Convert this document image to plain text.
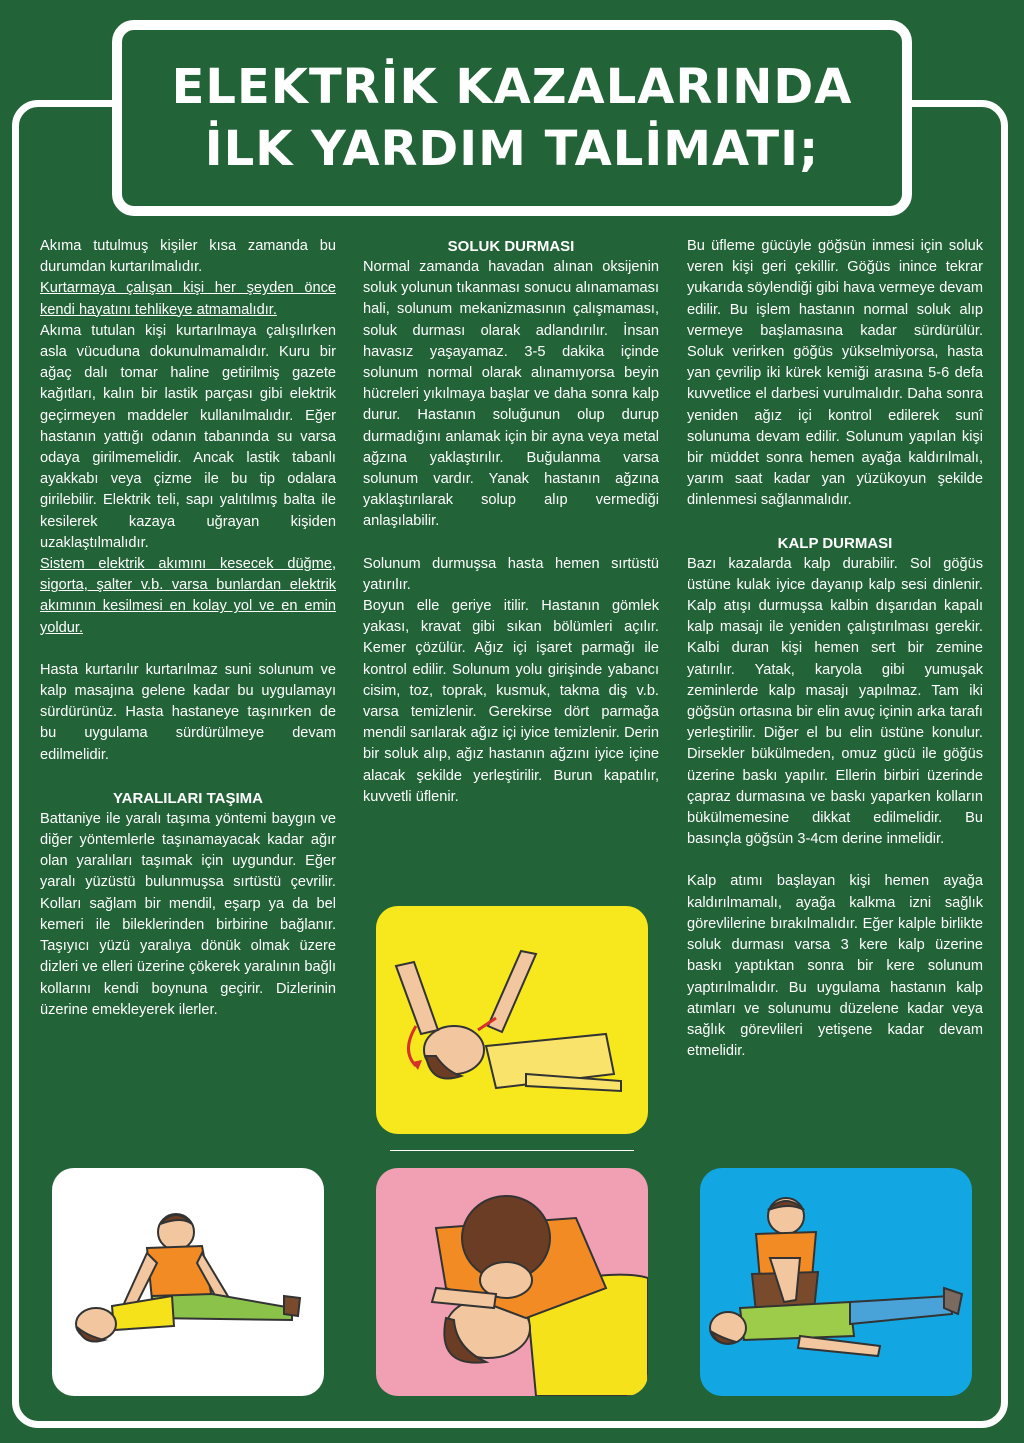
ELEKTRİK KAZALARINDA
İLK YARDIM TALİMATI;

Akıma tutulmuş kişiler kısa zamanda bu durumdan kurtarılmalıdır.

Kurtarmaya çalışan kişi her şeyden önce kendi hayatını tehlikeye atmamalıdır.

Akıma tutulan kişi kurtarılmaya çalışılırken asla vücuduna dokunulmamalıdır. Kuru bir ağaç dalı tomar haline getirilmiş gazete kağıtları, kalın bir lastik parçası gibi elektrik geçirmeyen maddeler kullanılmalıdır. Eğer hastanın yattığı odanın tabanında su varsa odaya girilmemelidir. Ancak lastik tabanlı ayakkabı veya çizme ile bu tip odalara girilebilir. Elektrik teli, sapı yalıtılmış balta ile kesilerek kazaya uğrayan kişiden uzaklaştılmalıdır.

Sistem elektrik akımını kesecek düğme, sigorta, şalter v.b. varsa bunlardan elektrik akımının kesilmesi en kolay yol ve en emin yoldur.

Hasta kurtarılır kurtarılmaz suni solunum ve kalp masajına gelene kadar bu uygulamayı sürdürünüz. Hasta hastaneye taşınırken de bu uygulama sürdürülmeye devam edilmelidir.

YARALILARI TAŞIMA

Battaniye ile yaralı taşıma yöntemi baygın ve diğer yöntemlerle taşınamayacak kadar ağır olan yaralıları taşımak için uygundur. Eğer yaralı yüzüstü bulunmuşsa sırtüstü çevrilir. Kolları sağlam bir mendil, eşarp ya da bel kemeri ile bileklerinden birbirine bağlanır. Taşıyıcı yüzü yaralıya dönük olmak üzere dizleri ve elleri üzerine çökerek yaralının bağlı kollarını kendi boynuna geçirir. Dizlerinin üzerine emekleyerek ilerler.

SOLUK DURMASI

Normal zamanda havadan alınan oksijenin soluk yolunun tıkanması sonucu alınamaması hali, solunum mekanizmasının çalışmaması, soluk durması olarak adlandırılır. İnsan havasız yaşayamaz. 3-5 dakika içinde solunum normal olarak alınamıyorsa beyin hücreleri yıkılmaya başlar ve daha sonra kalp durur. Hastanın soluğunun olup durup durmadığını anlamak için bir ayna veya metal ağzına yaklaştırılır. Buğulanma varsa solunum vardır. Yanak hastanın ağzına yaklaştırılarak solup alıp vermediği anlaşılabilir.

Solunum durmuşsa hasta hemen sırtüstü yatırılır.

Boyun elle geriye itilir. Hastanın gömlek yakası, kravat gibi sıkan bölümleri açılır. Kemer çözülür. Ağız içi işaret parmağı ile kontrol edilir. Solunum yolu girişinde yabancı cisim, toz, toprak, kusmuk, takma diş v.b. varsa temizlenir. Gerekirse dört parmağa mendil sarılarak ağız içi iyice temizlenir. Derin bir soluk alıp, ağız hastanın ağzını iyice içine alacak şekilde yerleştirilir. Burun kapatılır, kuvvetli üflenir.

Bu üfleme gücüyle göğsün inmesi için soluk veren kişi geri çekillir. Göğüs inince tekrar yukarıda söylendiği gibi hava vermeye devam edilir. Bu işlem hastanın normal soluk alıp vermeye başlamasına kadar sürdürülür. Soluk verirken göğüs yükselmiyorsa, hasta yan çevrilip iki kürek kemiği arasına 5-6 defa kuvvetlice el darbesi vurulmalıdır. Daha sonra yeniden ağız içi kontrol edilerek sunî solunuma devam edilir. Solunum yapılan kişi bir müddet sonra hemen ayağa kaldırılmalı, yarım saat kadar yan yüzükoyun şekilde dinlenmesi sağlanmalıdır.

KALP DURMASI

Bazı kazalarda kalp durabilir. Sol göğüs üstüne kulak iyice dayanıp kalp sesi dinlenir. Kalp atışı durmuşsa kalbin dışarıdan kapalı kalp masajı ile yeniden çalıştırılması gerekir. Kalbi duran kişi hemen sert bir zemine yatırılır. Yatak, karyola gibi yumuşak zeminlerde kalp masajı yapılmaz. Tam iki göğsün ortasına bir elin avuç içinin arka tarafı yerleştirilir. Diğer el bu elin üstüne konulur. Dirsekler bükülmeden, omuz gücü ile göğüs üzerine baskı yapılır. Ellerin birbiri üzerinde çapraz durmasına ve baskı yaparken kolların bükülmemesine dikkat edilmelidir. Bu basınçla göğsün 3-4cm derine inmelidir.

Kalp atımı başlayan kişi hemen ayağa kaldırılmamalı, ayağa kalkma izni sağlık görevlilerine bırakılmalıdır. Eğer kalple birlikte soluk durması varsa 3 kere kalp üzerine baskı yaptıktan sonra bir kere solunum yaptırılmalıdır. Bu uygulama hastanın kalp atımları ve solunumu düzelene kadar veya sağlık görevlileri yetişene kadar devam etmelidir.
